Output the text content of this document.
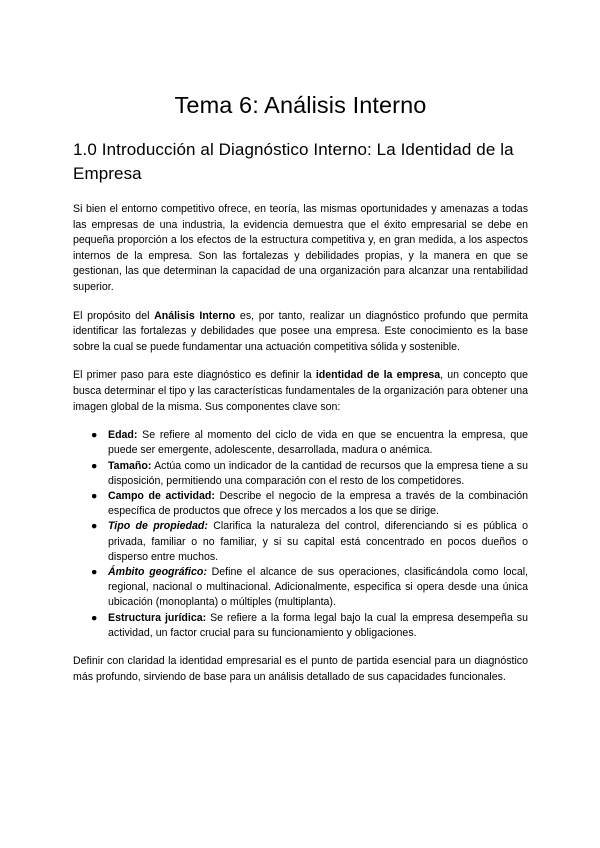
Tema 6: Análisis Interno
1.0 Introducción al Diagnóstico Interno: La Identidad de la Empresa

Si bien el entorno competitivo ofrece, en teoría, las mismas oportunidades y amenazas a todas las empresas de una industria, la evidencia demuestra que el éxito empresarial se debe en pequeña proporción a los efectos de la estructura competitiva y, en gran medida, a los aspectos internos de la empresa. Son las fortalezas y debilidades propias, y la manera en que se gestionan, las que determinan la capacidad de una organización para alcanzar una rentabilidad superior.

El propósito del Análisis Interno es, por tanto, realizar un diagnóstico profundo que permita identificar las fortalezas y debilidades que posee una empresa. Este conocimiento es la base sobre la cual se puede fundamentar una actuación competitiva sólida y sostenible.

El primer paso para este diagnóstico es definir la identidad de la empresa, un concepto que busca determinar el tipo y las características fundamentales de la organización para obtener una imagen global de la misma. Sus componentes clave son:

● Edad: Se refiere al momento del ciclo de vida en que se encuentra la empresa, que puede ser emergente, adolescente, desarrollada, madura o anémica.
● Tamaño: Actúa como un indicador de la cantidad de recursos que la empresa tiene a su disposición, permitiendo una comparación con el resto de los competidores.
● Campo de actividad: Describe el negocio de la empresa a través de la combinación específica de productos que ofrece y los mercados a los que se dirige.
● Tipo de propiedad: Clarifica la naturaleza del control, diferenciando si es pública o privada, familiar o no familiar, y si su capital está concentrado en pocos dueños o disperso entre muchos.
● Ámbito geográfico: Define el alcance de sus operaciones, clasificándola como local, regional, nacional o multinacional. Adicionalmente, especifica si opera desde una única ubicación (monoplanta) o múltiples (multiplanta).
● Estructura jurídica: Se refiere a la forma legal bajo la cual la empresa desempeña su actividad, un factor crucial para su funcionamiento y obligaciones.

Definir con claridad la identidad empresarial es el punto de partida esencial para un diagnóstico más profundo, sirviendo de base para un análisis detallado de sus capacidades funcionales.
